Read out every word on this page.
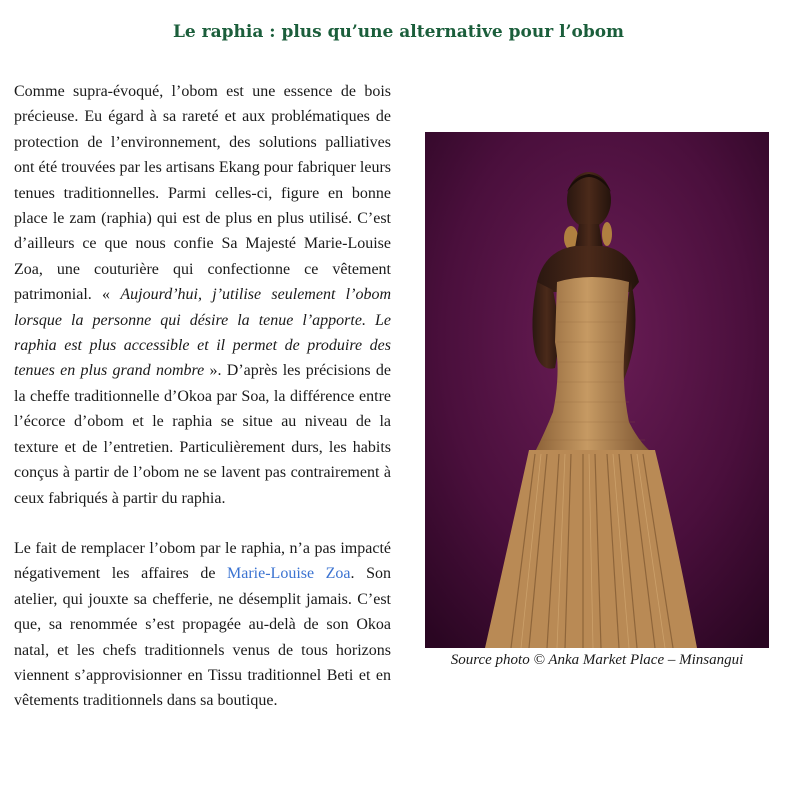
Le raphia : plus qu’une alternative pour l’obom

Comme supra-évoqué, l’obom est une essence de bois précieuse. Eu égard à sa rareté et aux problématiques de protection de l’environnement, des solutions palliatives ont été trouvées par les artisans Ekang pour fabriquer leurs tenues traditionnelles. Parmi celles-ci, figure en bonne place le zam (raphia) qui est de plus en plus utilisé. C’est d’ailleurs ce que nous confie Sa Majesté Marie-Louise Zoa, une couturière qui confectionne ce vêtement patrimonial. « Aujourd’hui, j’utilise seulement l’obom lorsque la personne qui désire la tenue l’apporte. Le raphia est plus accessible et il permet de produire des tenues en plus grand nombre ». D’après les précisions de la cheffe traditionnelle d’Okoa par Soa, la différence entre l’écorce d’obom et le raphia se situe au niveau de la texture et de l’entretien. Particulièrement durs, les habits conçus à partir de l’obom ne se lavent pas contrairement à ceux fabriqués à partir du raphia.

Le fait de remplacer l’obom par le raphia, n’a pas impacté négativement les affaires de Marie-Louise Zoa. Son atelier, qui jouxte sa chefferie, ne désemplit jamais. C’est que, sa renommée s’est propagée au-delà de son Okoa natal, et les chefs traditionnels venus de tous horizons viennent s’approvisionner en Tissu traditionnel Beti et en vêtements traditionnels dans sa boutique.

Source photo © Anka Market Place – Minsangui
